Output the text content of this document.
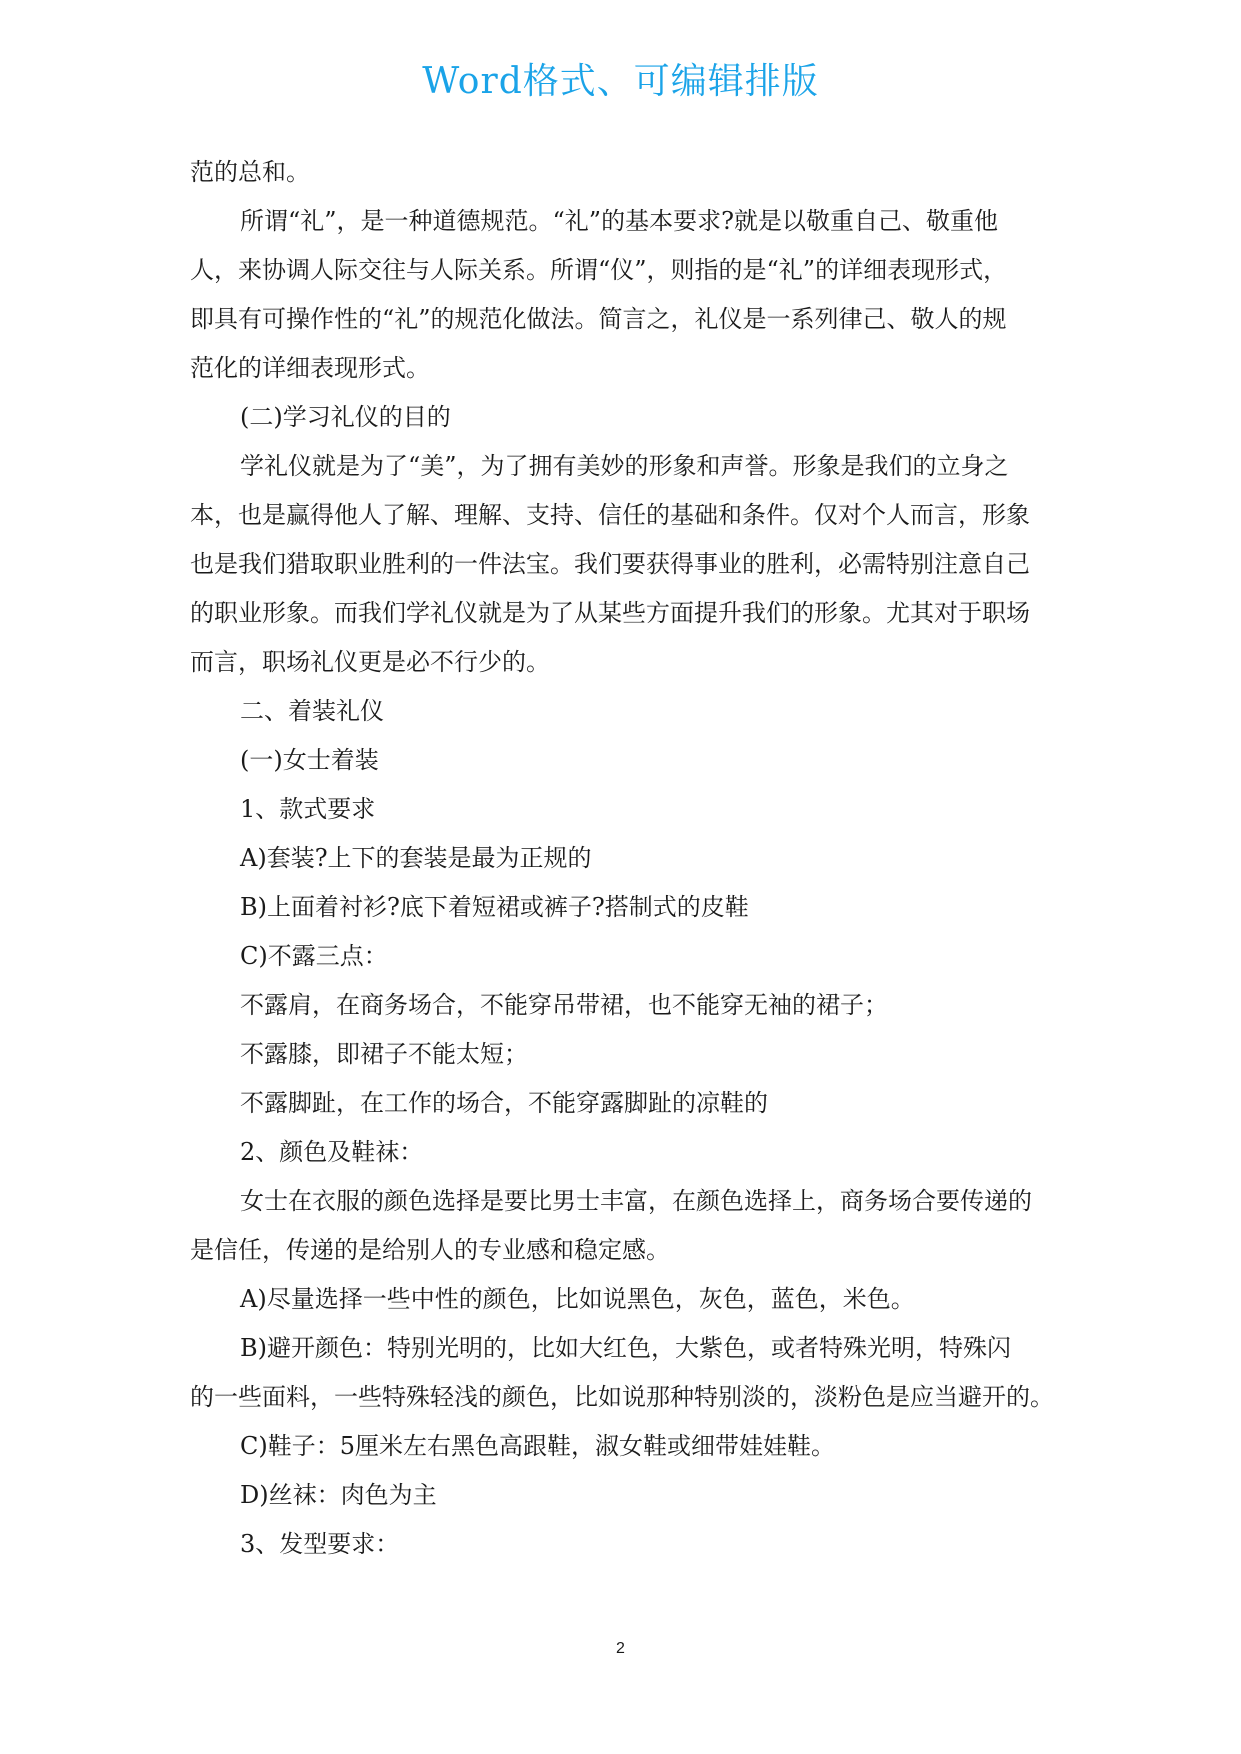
Word格式、可编辑排版

范的总和。

所谓“礼”，是一种道德规范。“礼”的基本要求?就是以敬重自己、敬重他

人，来协调人际交往与人际关系。所谓“仪”，则指的是“礼”的详细表现形式，

即具有可操作性的“礼”的规范化做法。简言之，礼仪是一系列律己、敬人的规

范化的详细表现形式。

(二)学习礼仪的目的

学礼仪就是为了“美”，为了拥有美妙的形象和声誉。形象是我们的立身之

本，也是赢得他人了解、理解、支持、信任的基础和条件。仅对个人而言，形象

也是我们猎取职业胜利的一件法宝。我们要获得事业的胜利，必需特别注意自己

的职业形象。而我们学礼仪就是为了从某些方面提升我们的形象。尤其对于职场

而言，职场礼仪更是必不行少的。

二、着装礼仪

(一)女士着装

1、款式要求

A)套装?上下的套装是最为正规的

B)上面着衬衫?底下着短裙或裤子?搭制式的皮鞋

C)不露三点：

不露肩，在商务场合，不能穿吊带裙，也不能穿无袖的裙子；

不露膝，即裙子不能太短；

不露脚趾，在工作的场合，不能穿露脚趾的凉鞋的

2、颜色及鞋袜：

女士在衣服的颜色选择是要比男士丰富，在颜色选择上，商务场合要传递的

是信任，传递的是给别人的专业感和稳定感。

A)尽量选择一些中性的颜色，比如说黑色，灰色，蓝色，米色。

B)避开颜色：特别光明的，比如大红色，大紫色，或者特殊光明，特殊闪

的一些面料，一些特殊轻浅的颜色，比如说那种特别淡的，淡粉色是应当避开的。

C)鞋子：5厘米左右黑色高跟鞋，淑女鞋或细带娃娃鞋。

D)丝袜：肉色为主

3、发型要求：

2
